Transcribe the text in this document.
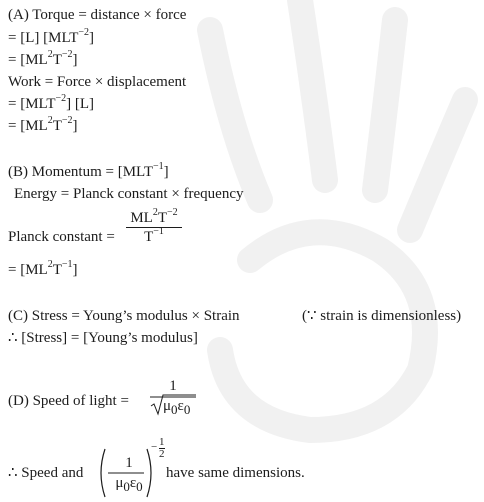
(A) Torque = distance × force
= [L] $[MLT^{-2}]$
= $[ML^2T^{-2}]$
Work = Force × displacement
= $[MLT^{-2}]$ [L]
= $[ML^2T^{-2}]$
(B) Momentum = $[MLT^{-1}]$
Energy = Planck constant × frequency
Planck constant =
$ML^2T^{-2}$
$T^{-1}$
= $[ML^2T^{-1}]$
(C) Stress = Young’s modulus × Strain	(∵ strain is dimensionless)
∴ [Stress] = [Young’s modulus]
(D) Speed of light =
1
$\mu_0\varepsilon_0$
∴ Speed and
1
$\mu_0\varepsilon_0$
− 1
2
have same dimensions.
